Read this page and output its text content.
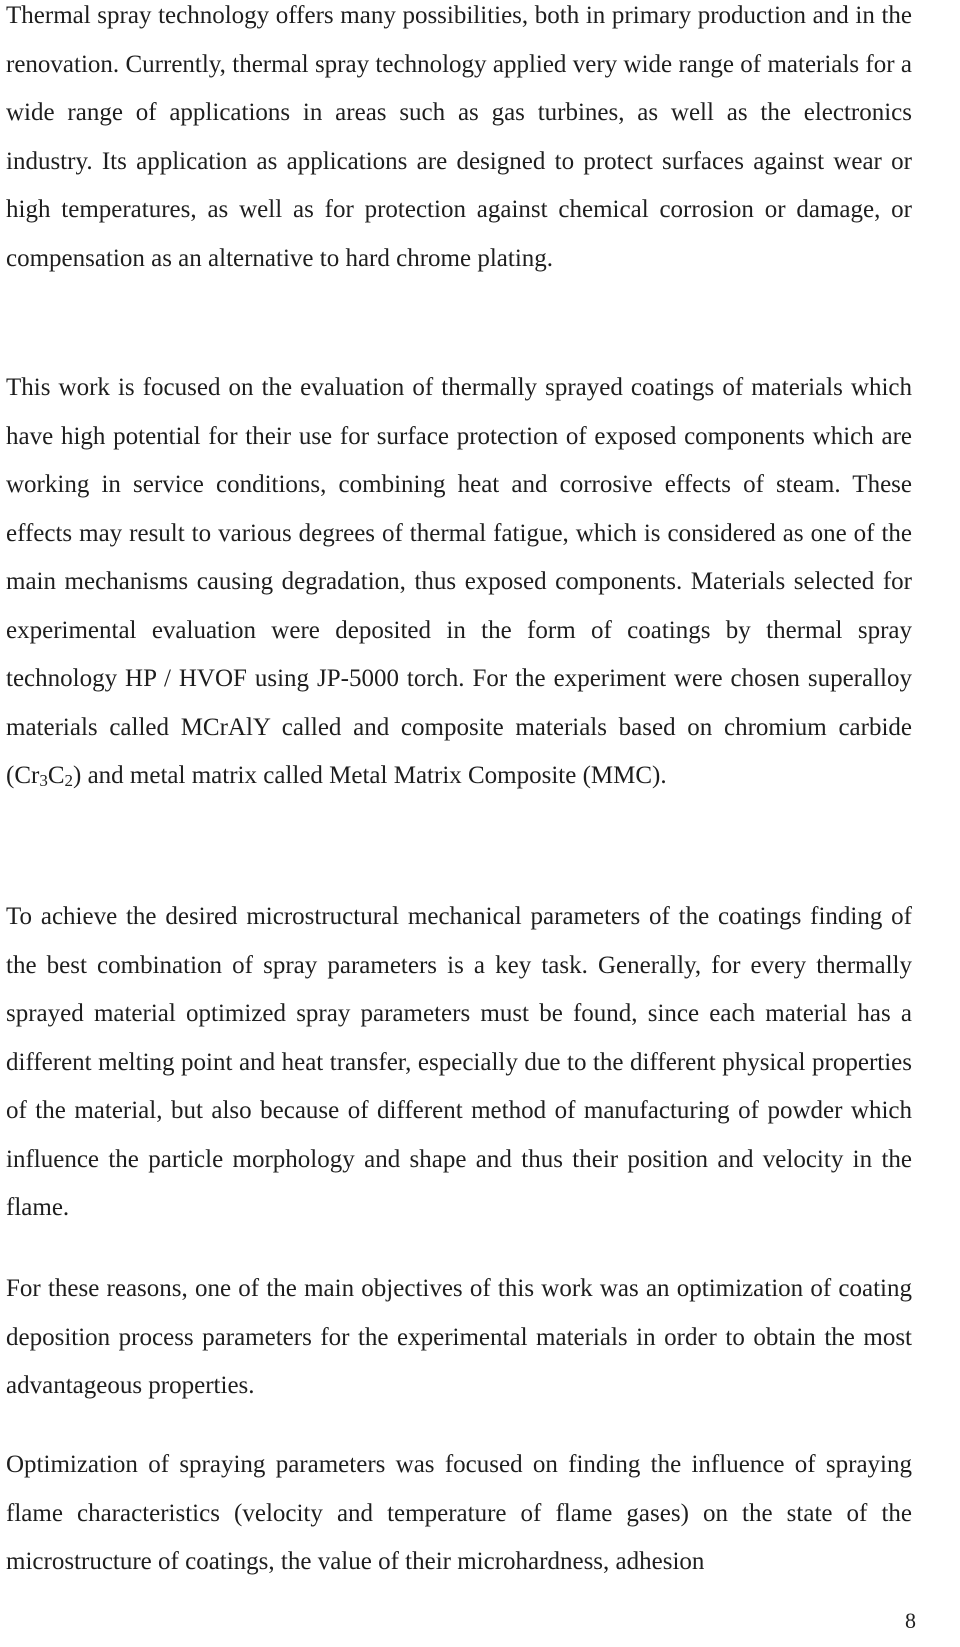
Thermal spray technology offers many possibilities, both in primary production and in the renovation. Currently, thermal spray technology applied very wide range of materials for a wide range of applications in areas such as gas turbines, as well as the electronics industry. Its application as applications are designed to protect surfaces against wear or high temperatures, as well as for protection against chemical corrosion or damage, or compensation as an alternative to hard chrome plating.

This work is focused on the evaluation of thermally sprayed coatings of materials which have high potential for their use for surface protection of exposed components which are working in service conditions, combining heat and corrosive effects of steam. These effects may result to various degrees of thermal fatigue, which is considered as one of the main mechanisms causing degradation, thus exposed components. Materials selected for experimental evaluation were deposited in the form of coatings by thermal spray technology HP / HVOF using JP-5000 torch. For the experiment were chosen superalloy materials called MCrAlY called and composite materials based on chromium carbide (Cr3C2) and metal matrix called Metal Matrix Composite (MMC).

To achieve the desired microstructural mechanical parameters of the coatings finding of the best combination of spray parameters is a key task. Generally, for every thermally sprayed material optimized spray parameters must be found, since each material has a different melting point and heat transfer, especially due to the different physical properties of the material, but also because of different method of manufacturing of powder which influence the particle morphology and shape and thus their position and velocity in the flame.

For these reasons, one of the main objectives of this work was an optimization of coating deposition process parameters for the experimental materials in order to obtain the most advantageous properties.

Optimization of spraying parameters was focused on finding the influence of spraying flame characteristics (velocity and temperature of flame gases) on the state of the microstructure of coatings, the value of their microhardness, adhesion

8
